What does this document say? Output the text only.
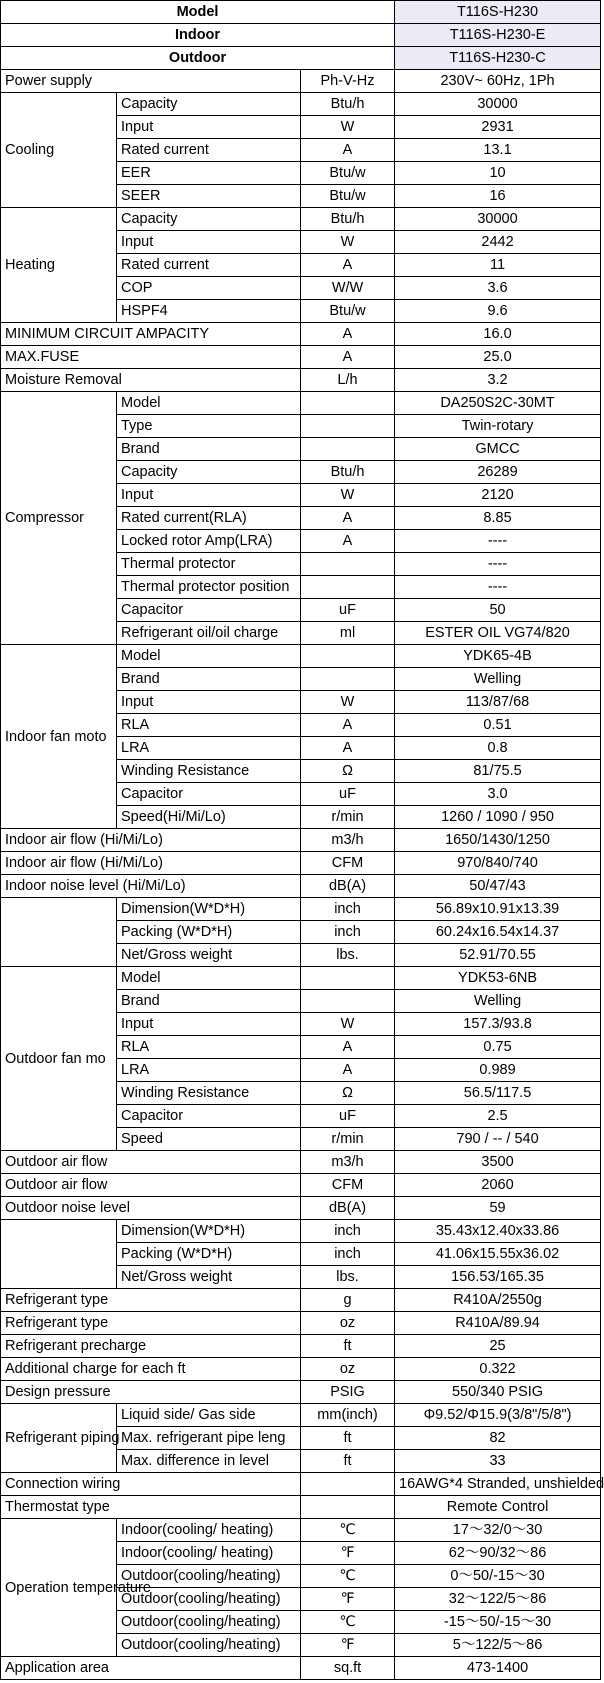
Model			T116S-H230
Indoor			T116S-H230-E
Outdoor			T116S-H230-C
Power supply		Ph-V-Hz	230V~ 60Hz, 1Ph
Cooling	Capacity	Btu/h	30000
	Input	W	2931
	Rated current	A	13.1
	EER	Btu/w	10
	SEER	Btu/w	16
Heating	Capacity	Btu/h	30000
	Input	W	2442
	Rated current	A	11
	COP	W/W	3.6
	HSPF4	Btu/w	9.6
MINIMUM CIRCUIT AMPACITY		A	16.0
MAX.FUSE		A	25.0
Moisture Removal		L/h	3.2
Compressor	Model		DA250S2C-30MT
	Type		Twin-rotary
	Brand		GMCC
	Capacity	Btu/h	26289
	Input	W	2120
	Rated current(RLA)	A	8.85
	Locked rotor Amp(LRA)	A	----
	Thermal protector		----
	Thermal protector position		----
	Capacitor	uF	50
	Refrigerant oil/oil charge	ml	ESTER OIL VG74/820
Indoor fan moto	Model		YDK65-4B
	Brand		Welling
	Input	W	113/87/68
	RLA	A	0.51
	LRA	A	0.8
	Winding Resistance	Ω	81/75.5
	Capacitor	uF	3.0
	Speed(Hi/Mi/Lo)	r/min	1260 / 1090 / 950
Indoor air flow (Hi/Mi/Lo)		m3/h	1650/1430/1250
Indoor air flow (Hi/Mi/Lo)		CFM	970/840/740
Indoor noise level (Hi/Mi/Lo)		dB(A)	50/47/43
	Dimension(W*D*H)	inch	56.89x10.91x13.39
	Packing (W*D*H)	inch	60.24x16.54x14.37
	Net/Gross weight	lbs.	52.91/70.55
Outdoor fan mo	Model		YDK53-6NB
	Brand		Welling
	Input	W	157.3/93.8
	RLA	A	0.75
	LRA	A	0.989
	Winding Resistance	Ω	56.5/117.5
	Capacitor	uF	2.5
	Speed	r/min	790 / -- / 540
Outdoor air flow		m3/h	3500
Outdoor air flow		CFM	2060
Outdoor noise level		dB(A)	59
	Dimension(W*D*H)	inch	35.43x12.40x33.86
	Packing (W*D*H)	inch	41.06x15.55x36.02
	Net/Gross weight	lbs.	156.53/165.35
Refrigerant type		g	R410A/2550g
Refrigerant type		oz	R410A/89.94
Refrigerant precharge		ft	25
Additional charge for each ft		oz	0.322
Design pressure		PSIG	550/340 PSIG
Refrigerant piping	Liquid side/ Gas side	mm(inch)	Φ9.52/Φ15.9(3/8"/5/8")
	Max. refrigerant pipe leng	ft	82
	Max. difference in level	ft	33
Connection wiring			16AWG*4 Stranded, unshielded
Thermostat type			Remote Control
Operation temperature	Indoor(cooling/ heating)	℃	17～32/0～30
	Indoor(cooling/ heating)	℉	62～90/32～86
	Outdoor(cooling/heating)	℃	0～50/-15～30
	Outdoor(cooling/heating)	℉	32～122/5～86
	Outdoor(cooling/heating)	℃	-15～50/-15～30
	Outdoor(cooling/heating)	℉	5～122/5～86
Application area		sq.ft	473-1400
